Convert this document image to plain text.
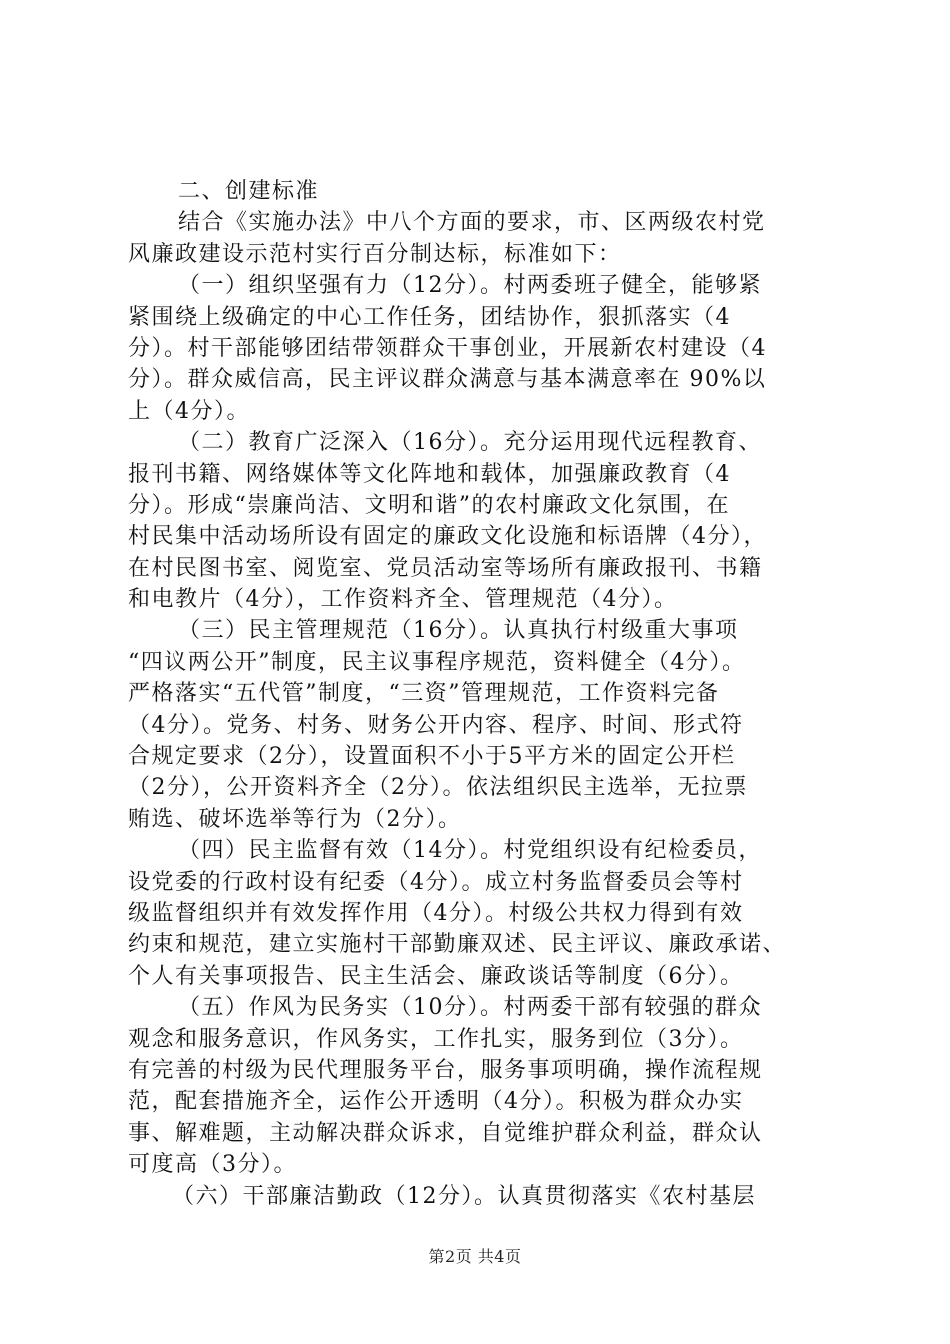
二、创建标准
结合《实施办法》中八个方面的要求，市、区两级农村党
风廉政建设示范村实行百分制达标，标准如下：
（一）组织坚强有力（12分）。村两委班子健全，能够紧
紧围绕上级确定的中心工作任务，团结协作，狠抓落实（4
分）。村干部能够团结带领群众干事创业，开展新农村建设（4
分）。群众威信高，民主评议群众满意与基本满意率在 90%以
上（4分）。
（二）教育广泛深入（16分）。充分运用现代远程教育、
报刊书籍、网络媒体等文化阵地和载体，加强廉政教育（4
分）。形成“崇廉尚洁、文明和谐”的农村廉政文化氛围，在
村民集中活动场所设有固定的廉政文化设施和标语牌（4分），
在村民图书室、阅览室、党员活动室等场所有廉政报刊、书籍
和电教片（4分），工作资料齐全、管理规范（4分）。
（三）民主管理规范（16分）。认真执行村级重大事项
“四议两公开”制度，民主议事程序规范，资料健全（4分）。
严格落实“五代管”制度，“三资”管理规范，工作资料完备
（4分）。党务、村务、财务公开内容、程序、时间、形式符
合规定要求（2分），设置面积不小于5平方米的固定公开栏
（2分），公开资料齐全（2分）。依法组织民主选举，无拉票
贿选、破坏选举等行为（2分）。
（四）民主监督有效（14分）。村党组织设有纪检委员，
设党委的行政村设有纪委（4分）。成立村务监督委员会等村
级监督组织并有效发挥作用（4分）。村级公共权力得到有效
约束和规范，建立实施村干部勤廉双述、民主评议、廉政承诺、
个人有关事项报告、民主生活会、廉政谈话等制度（6分）。
（五）作风为民务实（10分）。村两委干部有较强的群众
观念和服务意识，作风务实，工作扎实，服务到位（3分）。
有完善的村级为民代理服务平台，服务事项明确，操作流程规
范，配套措施齐全，运作公开透明（4分）。积极为群众办实
事、解难题，主动解决群众诉求，自觉维护群众利益，群众认
可度高（3分）。
（六）干部廉洁勤政（12分）。认真贯彻落实《农村基层
第2页 共4页
